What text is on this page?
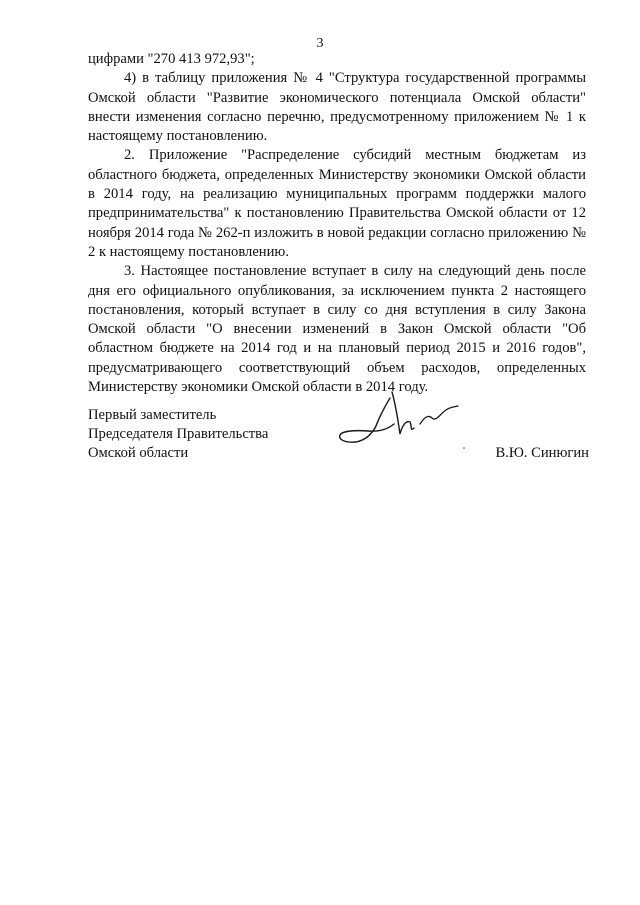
3

цифрами "270 413 972,93";

4) в таблицу приложения № 4 "Структура государственной программы Омской области "Развитие экономического потенциала Омской области" внести изменения согласно перечню, предусмотренному приложением № 1 к настоящему постановлению.

2. Приложение "Распределение субсидий местным бюджетам из областного бюджета, определенных Министерству экономики Омской области в 2014 году, на реализацию муниципальных программ поддержки малого предпринимательства" к постановлению Правительства Омской области от 12 ноября 2014 года № 262-п изложить в новой редакции согласно приложению № 2 к настоящему постановлению.

3. Настоящее постановление вступает в силу на следующий день после дня его официального опубликования, за исключением пункта 2 настоящего постановления, который вступает в силу со дня вступления в силу Закона Омской области "О внесении изменений в Закон Омской области "Об областном бюджете на 2014 год и на плановый период 2015 и 2016 годов", предусматривающего соответствующий объем расходов, определенных Министерству экономики Омской области в 2014 году.

Первый заместитель
Председателя Правительства
Омской области	В.Ю. Синюгин
